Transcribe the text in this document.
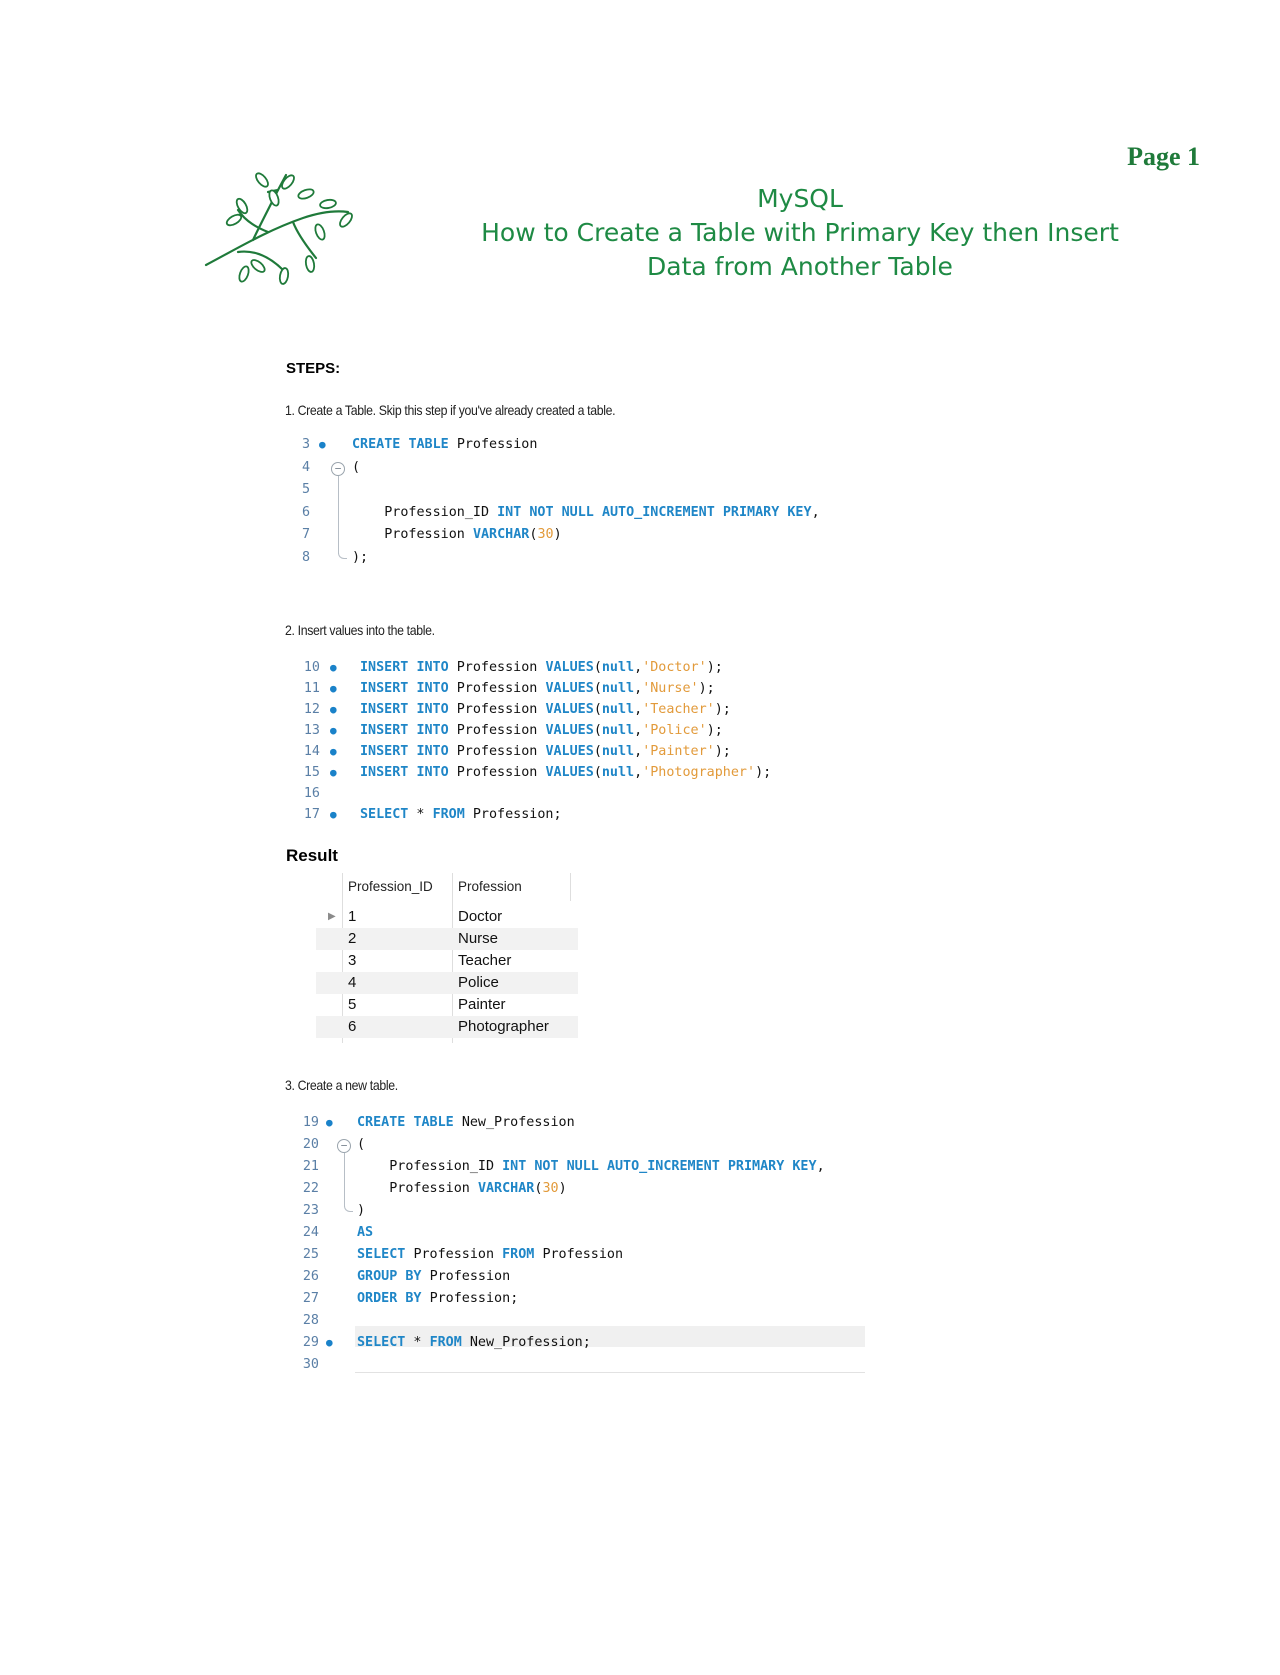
Page 1
MySQL
How to Create a Table with Primary Key then Insert
Data from Another Table
STEPS:
1. Create a Table. Skip this step if you've already created a table.
3 ● CREATE TABLE Profession
4	− (
5
6	Profession_ID INT NOT NULL AUTO_INCREMENT PRIMARY KEY,
7	Profession VARCHAR(30)
8	);
2. Insert values into the table.
10 ● INSERT INTO Profession VALUES(null,'Doctor');
11 ● INSERT INTO Profession VALUES(null,'Nurse');
12 ● INSERT INTO Profession VALUES(null,'Teacher');
13 ● INSERT INTO Profession VALUES(null,'Police');
14 ● INSERT INTO Profession VALUES(null,'Painter');
15 ● INSERT INTO Profession VALUES(null,'Photographer');
16
17 ● SELECT * FROM Profession;
Result
Profession_ID Profession
▶ 1	Doctor
2	Nurse
3	Teacher
4	Police
5	Painter
6	Photographer
3. Create a new table.
19 ● CREATE TABLE New_Profession
20	− (
21	Profession_ID INT NOT NULL AUTO_INCREMENT PRIMARY KEY,
22	Profession VARCHAR(30)
23	)
24	AS
25	SELECT Profession FROM Profession
26	GROUP BY Profession
27	ORDER BY Profession;
28
29 ● SELECT * FROM New_Profession;
30
